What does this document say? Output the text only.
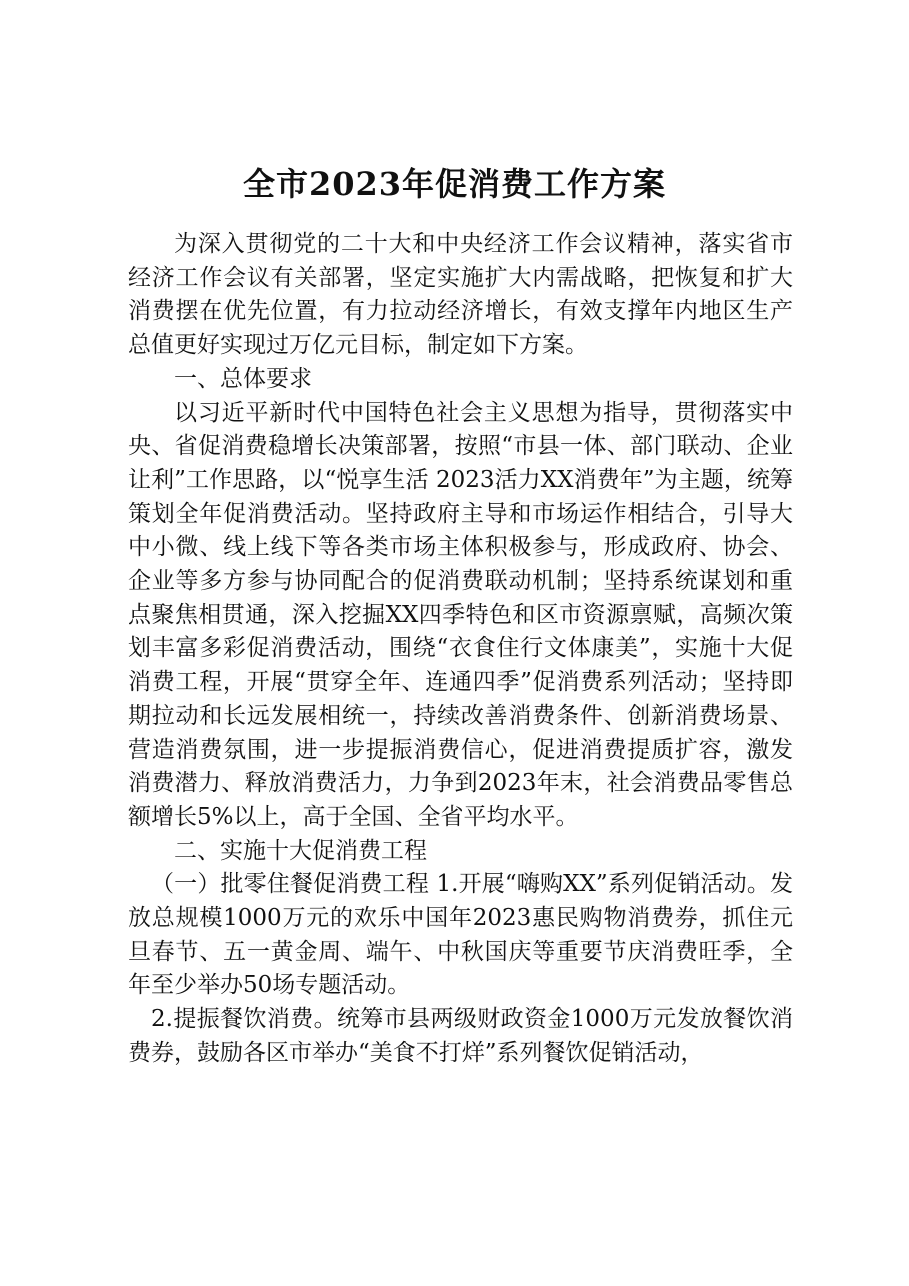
全市2023年促消费工作方案

为深入贯彻党的二十大和中央经济工作会议精神，落实省市经济工作会议有关部署，坚定实施扩大内需战略，把恢复和扩大消费摆在优先位置，有力拉动经济增长，有效支撑年内地区生产总值更好实现过万亿元目标，制定如下方案。

一、总体要求

以习近平新时代中国特色社会主义思想为指导，贯彻落实中央、省促消费稳增长决策部署，按照“市县一体、部门联动、企业让利”工作思路，以“悦享生活 2023活力XX消费年”为主题，统筹策划全年促消费活动。坚持政府主导和市场运作相结合，引导大中小微、线上线下等各类市场主体积极参与，形成政府、协会、企业等多方参与协同配合的促消费联动机制；坚持系统谋划和重点聚焦相贯通，深入挖掘XX四季特色和区市资源禀赋，高频次策划丰富多彩促消费活动，围绕“衣食住行文体康美”，实施十大促消费工程，开展“贯穿全年、连通四季”促消费系列活动；坚持即期拉动和长远发展相统一，持续改善消费条件、创新消费场景、营造消费氛围，进一步提振消费信心，促进消费提质扩容，激发消费潜力、释放消费活力，力争到2023年末，社会消费品零售总额增长5%以上，高于全国、全省平均水平。

二、实施十大促消费工程

（一）批零住餐促消费工程 1.开展“嗨购XX”系列促销活动。发放总规模1000万元的欢乐中国年2023惠民购物消费券，抓住元旦春节、五一黄金周、端午、中秋国庆等重要节庆消费旺季，全年至少举办50场专题活动。

2.提振餐饮消费。统筹市县两级财政资金1000万元发放餐饮消费券，鼓励各区市举办“美食不打烊”系列餐饮促销活动，
